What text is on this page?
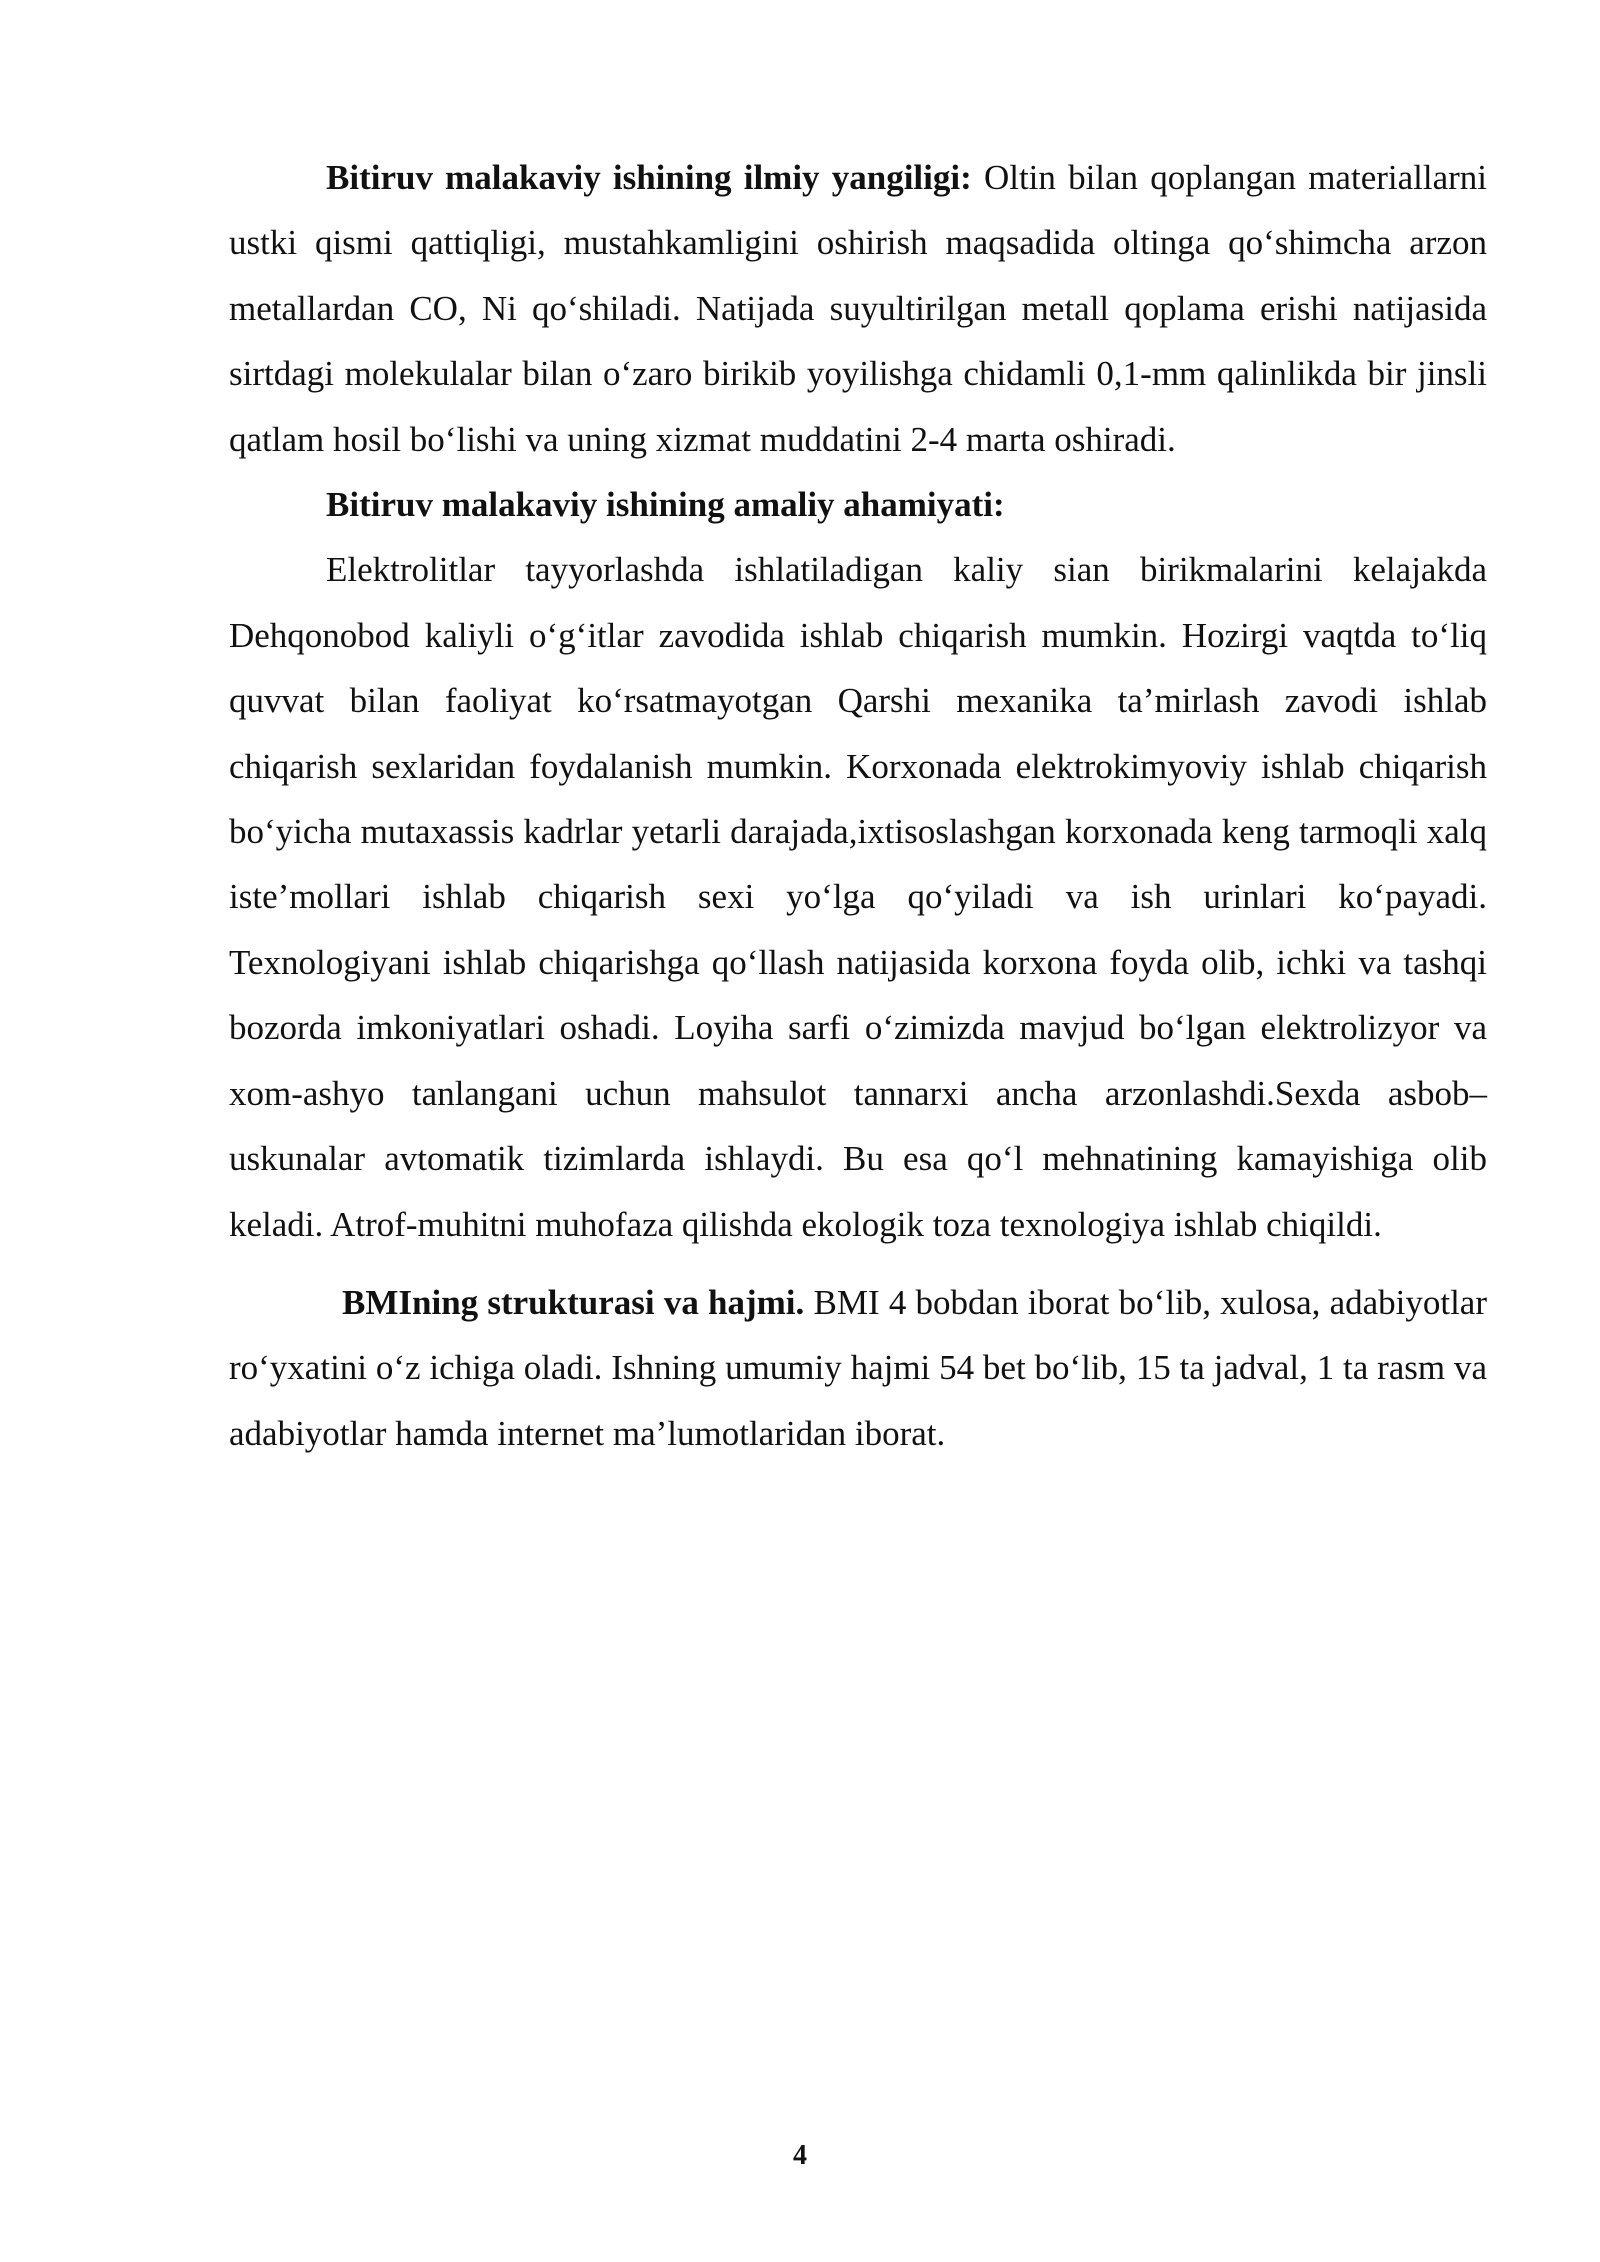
Bitiruv malakaviy ishining ilmiy yangiligi: Oltin bilan qoplangan materiallarni ustki qismi qattiqligi, mustahkamligini oshirish maqsadida oltinga qo‘shimcha arzon metallardan CO, Ni qo‘shiladi. Natijada suyultirilgan metall qoplama erishi natijasida sirtdagi molekulalar bilan o‘zaro birikib yoyilishga chidamli 0,1-mm qalinlikda bir jinsli qatlam hosil bo‘lishi va uning xizmat muddatini 2-4 marta oshiradi.

Bitiruv malakaviy ishining amaliy ahamiyati:

Elektrolitlar tayyorlashda ishlatiladigan kaliy sian birikmalarini kelajakda Dehqonobod kaliyli o‘g‘itlar zavodida ishlab chiqarish mumkin. Hozirgi vaqtda to‘liq quvvat bilan faoliyat ko‘rsatmayotgan Qarshi mexanika ta’mirlash zavodi ishlab chiqarish sexlaridan foydalanish mumkin. Korxonada elektrokimyoviy ishlab chiqarish bo‘yicha mutaxassis kadrlar yetarli darajada,ixtisoslashgan korxonada keng tarmoqli xalq iste’mollari ishlab chiqarish sexi yo‘lga qo‘yiladi va ish urinlari ko‘payadi. Texnologiyani ishlab chiqarishga qo‘llash natijasida korxona foyda olib, ichki va tashqi bozorda imkoniyatlari oshadi. Loyiha sarfi o‘zimizda mavjud bo‘lgan elektrolizyor va xom-ashyo tanlangani uchun mahsulot tannarxi ancha arzonlashdi.Sexda asbob–uskunalar avtomatik tizimlarda ishlaydi. Bu esa qo‘l mehnatining kamayishiga olib keladi. Atrof-muhitni muhofaza qilishda ekologik toza texnologiya ishlab chiqildi.

BMIning strukturasi va hajmi. BMI 4 bobdan iborat bo‘lib, xulosa, adabiyotlar ro‘yxatini o‘z ichiga oladi. Ishning umumiy hajmi 54 bet bo‘lib, 15 ta jadval, 1 ta rasm va adabiyotlar hamda internet ma’lumotlaridan iborat.

4
